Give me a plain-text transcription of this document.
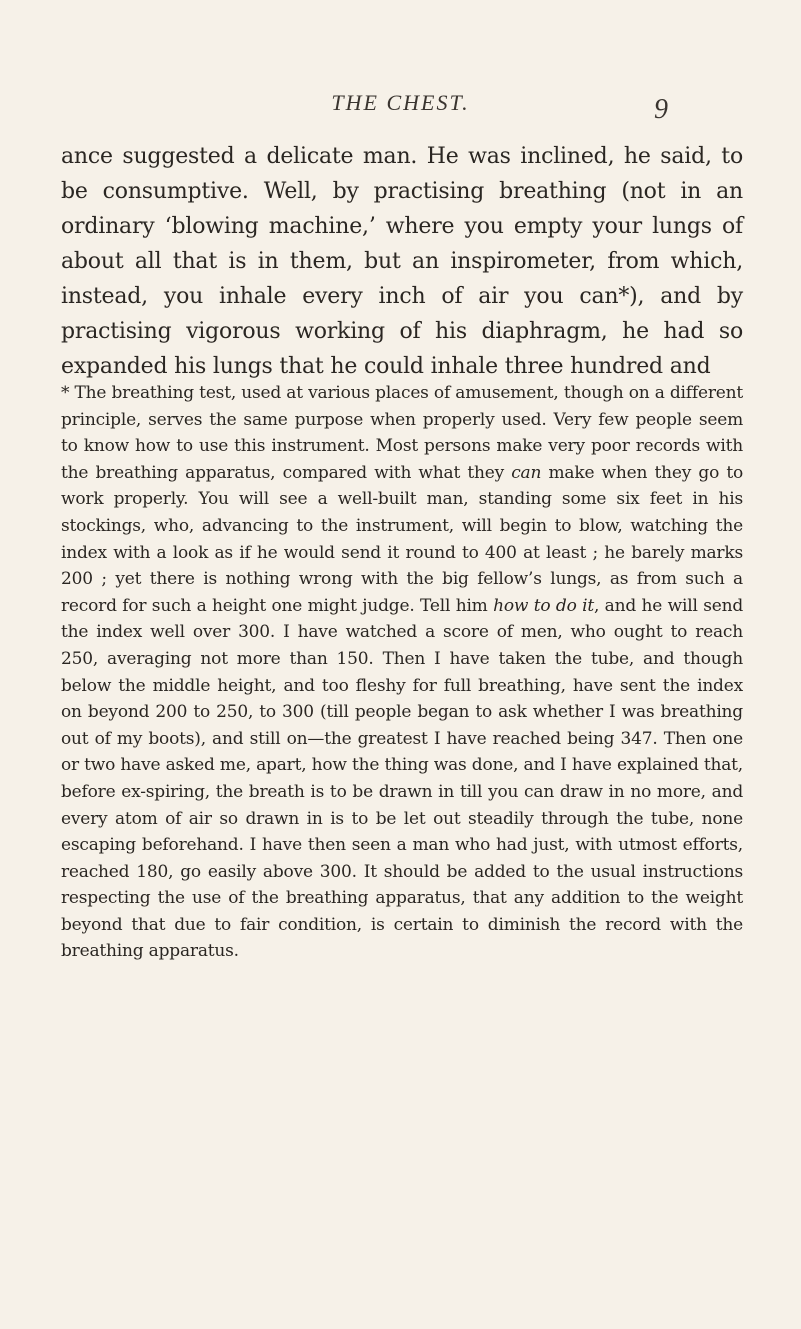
THE CHEST.	9

ance suggested a delicate man. He was inclined, he said, to be consumptive. Well, by practising breathing (not in an ordinary ‘blowing machine,’ where you empty your lungs of about all that is in them, but an inspirometer, from which, instead, you inhale every inch of air you can*), and by practising vigorous working of his diaphragm, he had so expanded his lungs that he could inhale three hundred and

* The breathing test, used at various places of amusement, though on a different principle, serves the same purpose when properly used. Very few people seem to know how to use this instrument. Most persons make very poor records with the breathing apparatus, compared with what they can make when they go to work properly. You will see a well-built man, standing some six feet in his stockings, who, advancing to the instrument, will begin to blow, watching the index with a look as if he would send it round to 400 at least ; he barely marks 200 ; yet there is nothing wrong with the big fellow’s lungs, as from such a record for such a height one might judge. Tell him how to do it, and he will send the index well over 300. I have watched a score of men, who ought to reach 250, averaging not more than 150. Then I have taken the tube, and though below the middle height, and too fleshy for full breathing, have sent the index on beyond 200 to 250, to 300 (till people began to ask whether I was breathing out of my boots), and still on—the greatest I have reached being 347. Then one or two have asked me, apart, how the thing was done, and I have explained that, before ex-spiring, the breath is to be drawn in till you can draw in no more, and every atom of air so drawn in is to be let out steadily through the tube, none escaping beforehand. I have then seen a man who had just, with utmost efforts, reached 180, go easily above 300. It should be added to the usual instructions respecting the use of the breathing apparatus, that any addition to the weight beyond that due to fair condition, is certain to diminish the record with the breathing apparatus.
